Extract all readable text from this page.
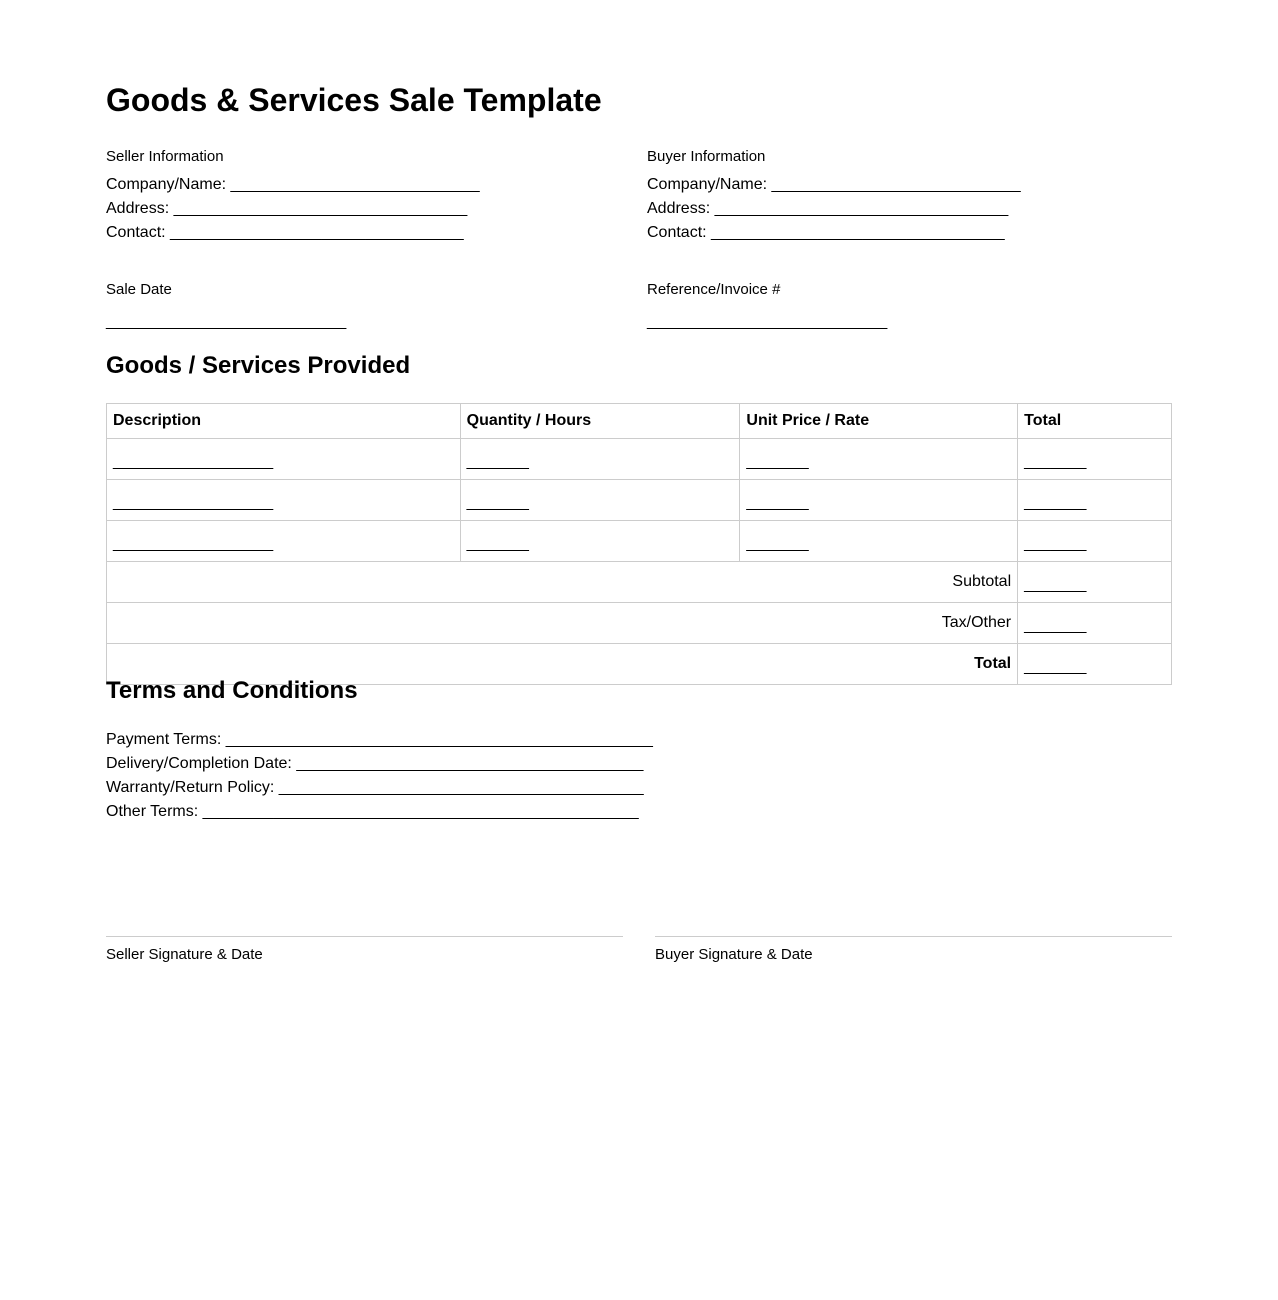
Goods & Services Sale Template
Seller Information
Company/Name: ____________________________
Address: _________________________________
Contact: _________________________________
Buyer Information
Company/Name: ____________________________
Address: _________________________________
Contact: _________________________________
Sale Date
___________________________
Reference/Invoice #
___________________________
Goods / Services Provided
Description	Quantity / Hours	Unit Price / Rate	Total
__________________	_______	_______	_______
__________________	_______	_______	_______
__________________	_______	_______	_______
Subtotal			_______
Tax/Other			_______
Total			_______
Terms and Conditions
Payment Terms: ________________________________________________
Delivery/Completion Date: _______________________________________
Warranty/Return Policy: _________________________________________
Other Terms: _________________________________________________
Seller Signature & Date	Buyer Signature & Date
